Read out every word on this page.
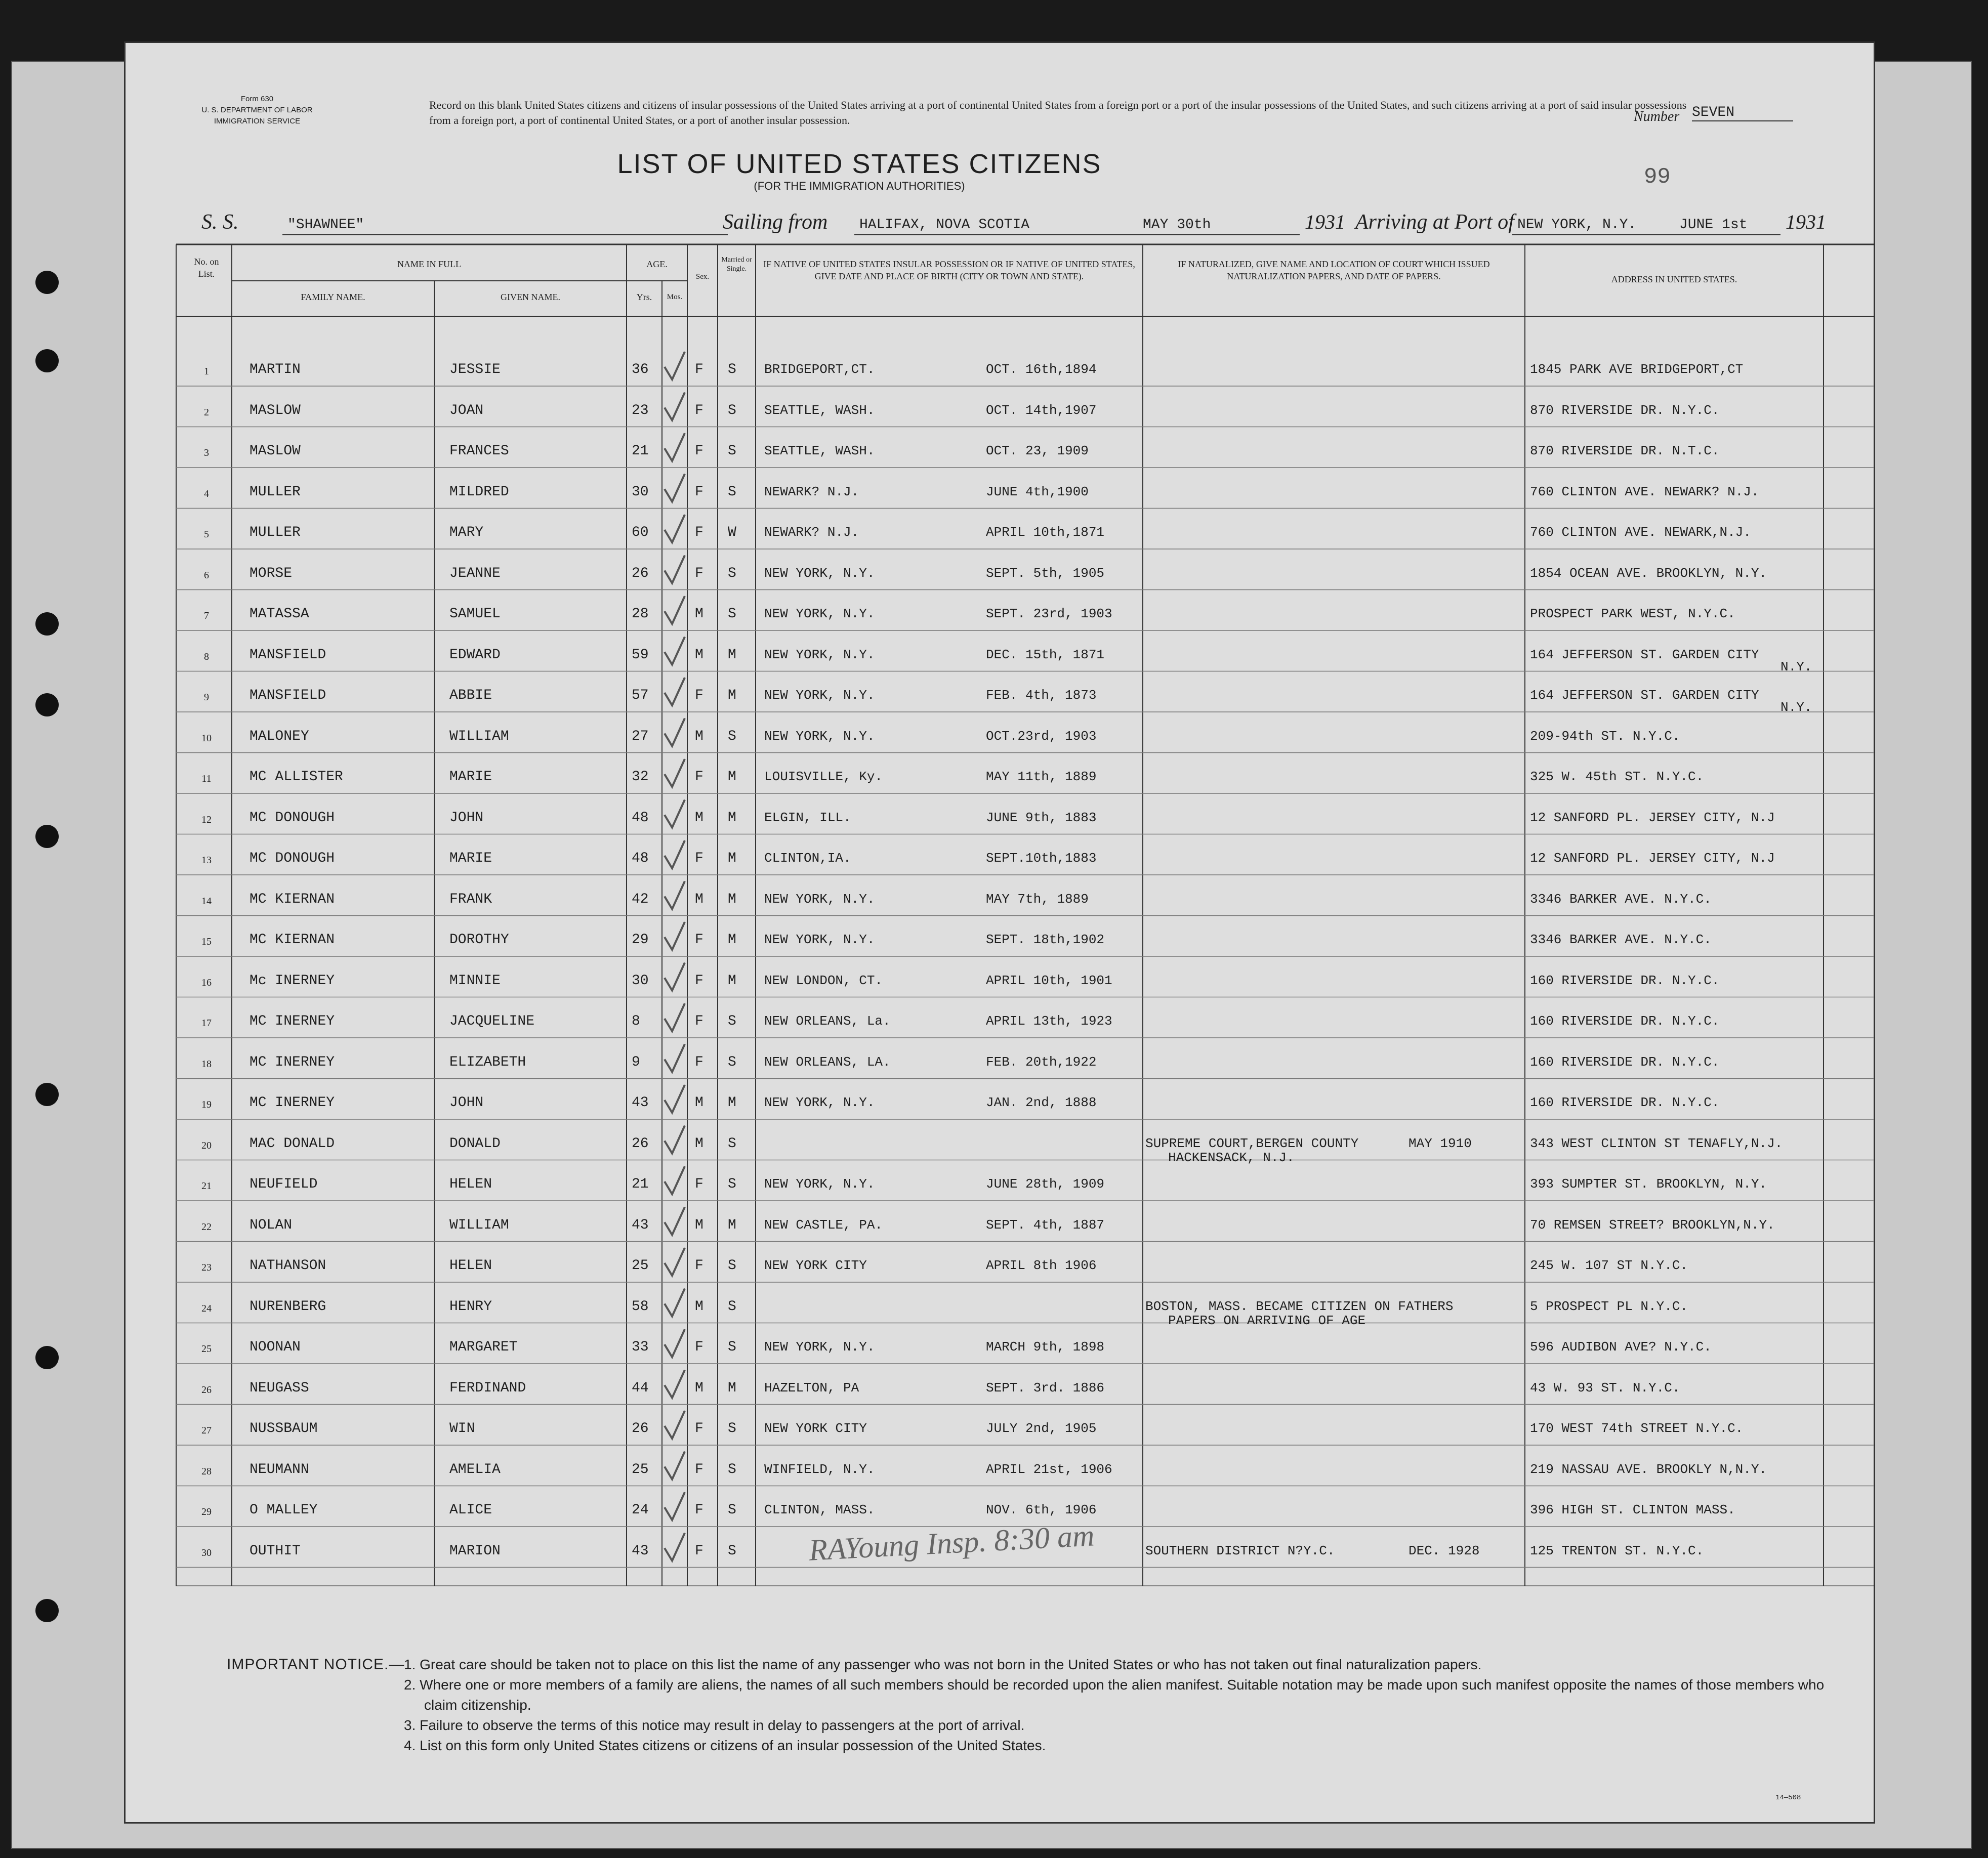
Form 630
U. S. DEPARTMENT OF LABOR
IMMIGRATION SERVICE
Record on this blank United States citizens and citizens of insular possessions of the United States arriving at a port of continental United States from a foreign port or a port of the insular possessions of the United States, and such citizens arriving at a port of said insular possessions from a foreign port, a port of continental United States, or a port of another insular possession.	Number SEVEN
99
LIST OF UNITED STATES CITIZENS
(FOR THE IMMIGRATION AUTHORITIES)
S. S.	"SHAWNEE"	Sailing from HALIFAX, NOVA SCOTIA	MAY 30th	1931 Arriving at Port of NEW YORK, N.Y.	JUNE 1st 1931
No. on List.
NAME IN FULL
FAMILY NAME.	GIVEN NAME.
AGE.
Yrs.	Mos.
Sex.
Married or Single.	IF NATIVE OF UNITED STATES INSULAR POSSESSION OR IF NATIVE OF UNITED STATES, GIVE DATE AND PLACE OF BIRTH (CITY OR TOWN AND STATE).
IF NATURALIZED, GIVE NAME AND LOCATION OF COURT WHICH ISSUED NATURALIZATION PAPERS, AND DATE OF PAPERS.	ADDRESS IN UNITED STATES.
1	MARTIN	JESSIE	36	F S BRIDGEPORT,CT.	OCT. 16th,1894	1845 PARK AVE BRIDGEPORT,CT
2	MASLOW	JOAN	23	F S SEATTLE, WASH.	OCT. 14th,1907	870 RIVERSIDE DR. N.Y.C.
3	MASLOW	FRANCES	21	F S SEATTLE, WASH.	OCT. 23, 1909	870 RIVERSIDE DR. N.T.C.
4	MULLER	MILDRED	30	F S NEWARK? N.J.	JUNE 4th,1900	760 CLINTON AVE. NEWARK? N.J.
5	MULLER	MARY	60	F W NEWARK? N.J.	APRIL 10th,1871	760 CLINTON AVE. NEWARK,N.J.
6	MORSE	JEANNE	26	F S NEW YORK, N.Y.	SEPT. 5th, 1905	1854 OCEAN AVE. BROOKLYN, N.Y.
7	MATASSA	SAMUEL	28	M S NEW YORK, N.Y.	SEPT. 23rd, 1903	PROSPECT PARK WEST, N.Y.C.
8	MANSFIELD	EDWARD	59	M M NEW YORK, N.Y.	DEC. 15th, 1871	164 JEFFERSON ST. GARDEN CITY
N.Y.
9	MANSFIELD	ABBIE	57	F M NEW YORK, N.Y.	FEB. 4th, 1873	164 JEFFERSON ST. GARDEN CITY
N.Y.
10	MALONEY	WILLIAM	27	M S NEW YORK, N.Y.	OCT.23rd, 1903	209-94th ST. N.Y.C.
11	MC ALLISTER	MARIE	32	F M LOUISVILLE, Ky.	MAY 11th, 1889	325 W. 45th ST. N.Y.C.
12	MC DONOUGH	JOHN	48	M M ELGIN, ILL.	JUNE 9th, 1883	12 SANFORD PL. JERSEY CITY, N.J
13	MC DONOUGH	MARIE	48	F M CLINTON,IA.	SEPT.10th,1883	12 SANFORD PL. JERSEY CITY, N.J
14	MC KIERNAN	FRANK	42	M M NEW YORK, N.Y.	MAY 7th, 1889	3346 BARKER AVE. N.Y.C.
15	MC KIERNAN	DOROTHY	29	F M NEW YORK, N.Y.	SEPT. 18th,1902	3346 BARKER AVE. N.Y.C.
16	Mc INERNEY	MINNIE	30	F M NEW LONDON, CT.	APRIL 10th, 1901	160 RIVERSIDE DR. N.Y.C.
17	MC INERNEY	JACQUELINE	8	F S NEW ORLEANS, La.	APRIL 13th, 1923	160 RIVERSIDE DR. N.Y.C.
18	MC INERNEY	ELIZABETH	9	F S NEW ORLEANS, LA.	FEB. 20th,1922	160 RIVERSIDE DR. N.Y.C.
19	MC INERNEY	JOHN	43	M M NEW YORK, N.Y.	JAN. 2nd, 1888	160 RIVERSIDE DR. N.Y.C.
20	MAC DONALD	DONALD	26	M S	SUPREME COURT,BERGEN COUNTY	MAY 1910	343 WEST CLINTON ST TENAFLY,N.J.
HACKENSACK, N.J.
21	NEUFIELD	HELEN	21	F S NEW YORK, N.Y.	JUNE 28th, 1909	393 SUMPTER ST. BROOKLYN, N.Y.
22	NOLAN	WILLIAM	43	M M NEW CASTLE, PA.	SEPT. 4th, 1887	70 REMSEN STREET? BROOKLYN,N.Y.
23	NATHANSON	HELEN	25	F S NEW YORK CITY	APRIL 8th 1906	245 W. 107 ST N.Y.C.
24	NURENBERG	HENRY	58	M S	BOSTON, MASS. BECAME CITIZEN ON FATHERS	5 PROSPECT PL N.Y.C.
PAPERS ON ARRIVING OF AGE
25	NOONAN	MARGARET	33	F S NEW YORK, N.Y.	MARCH 9th, 1898	596 AUDIBON AVE? N.Y.C.
26	NEUGASS	FERDINAND	44	M M HAZELTON, PA	SEPT. 3rd. 1886	43 W. 93 ST. N.Y.C.
27	NUSSBAUM	WIN	26	F S NEW YORK CITY	JULY 2nd, 1905	170 WEST 74th STREET N.Y.C.
28	NEUMANN	AMELIA	25	F S WINFIELD, N.Y.	APRIL 21st, 1906	219 NASSAU AVE. BROOKLY N,N.Y.
29	O MALLEY	ALICE	24	F S CLINTON, MASS.	NOV. 6th, 1906	396 HIGH ST. CLINTON MASS.
30	OUTHIT	MARION	43	F S	SOUTHERN DISTRICT N?Y.C.	DEC. 1928	125 TRENTON ST. N.Y.C.
RAYoung Insp. 8:30 am
IMPORTANT NOTICE.—

1. Great care should be taken not to place on this list the name of any passenger who was not born in the United States or who has not taken out final naturalization papers.

2. Where one or more members of a family are aliens, the names of all such members should be recorded upon the alien manifest. Suitable notation may be made upon such manifest opposite the names of those members who claim citizenship.

3. Failure to observe the terms of this notice may result in delay to passengers at the port of arrival.

4. List on this form only United States citizens or citizens of an insular possession of the United States.

14—508
